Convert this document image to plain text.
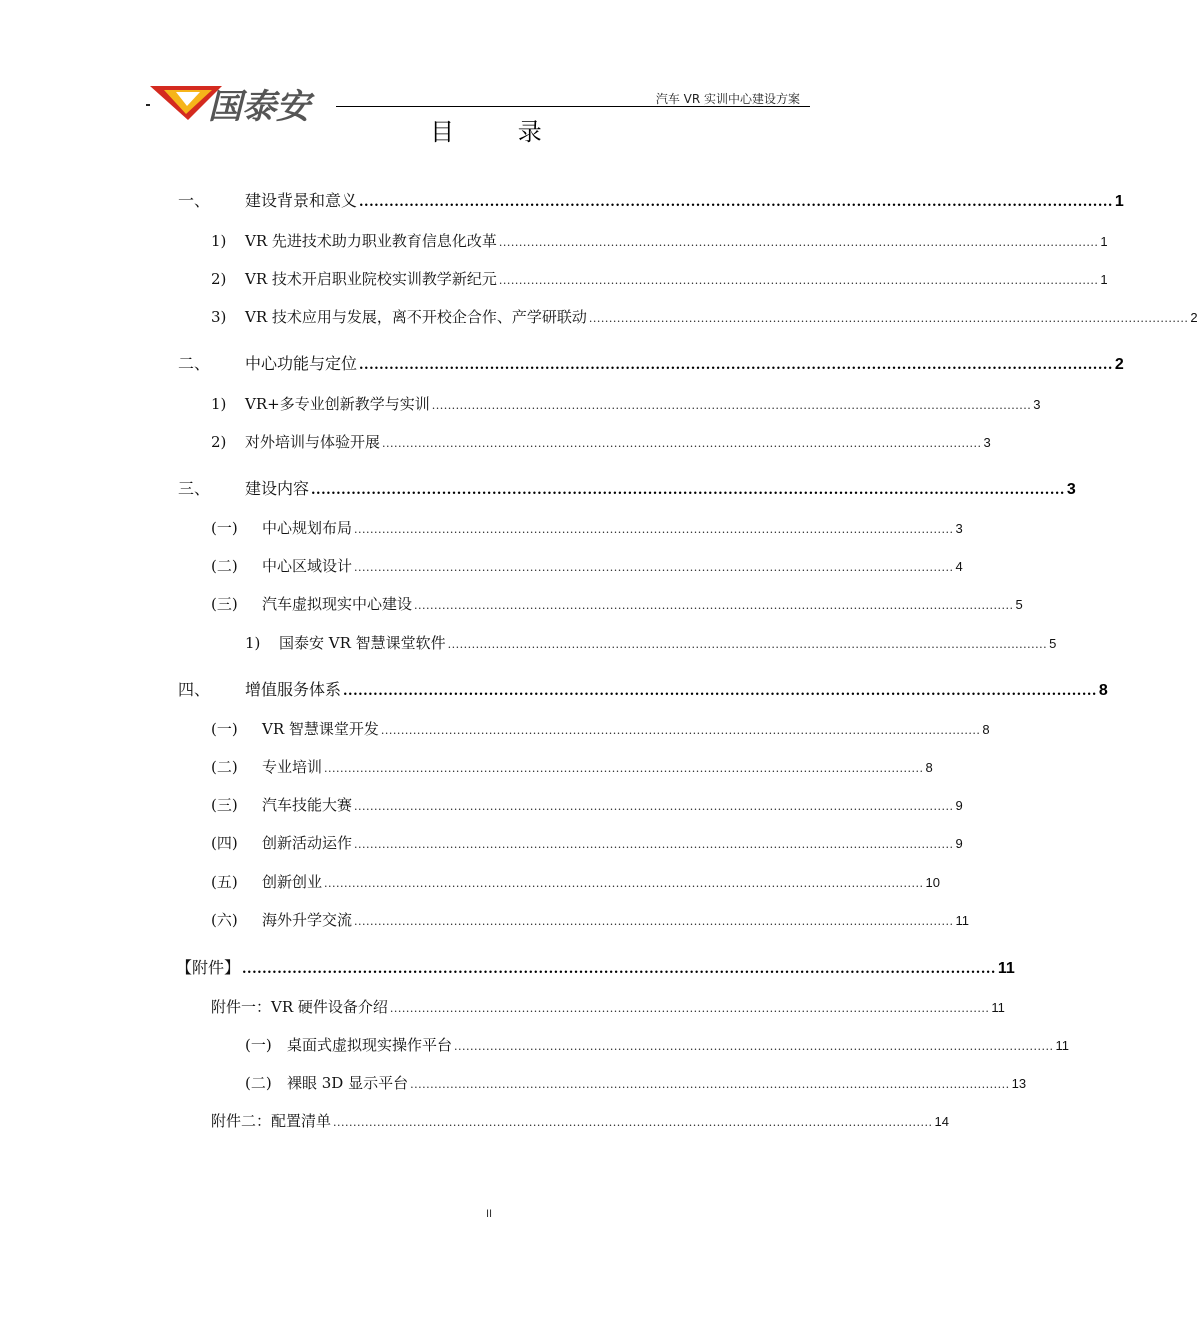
国泰安	汽车 VR 实训中心建设方案
目 录
一、	建设背景和意义 ...................................................................................................................................................... 1
1)	VR 先进技术助力职业教育信息化改革 ...................................................................................................................................................... 1
2)	VR 技术开启职业院校实训教学新纪元 ...................................................................................................................................................... 1
3)	VR 技术应用与发展，离不开校企合作、产学研联动 ...................................................................................................................................................... 2
二、	中心功能与定位 ...................................................................................................................................................... 2
1)	VR+多专业创新教学与实训 ...................................................................................................................................................... 3
2)	对外培训与体验开展 ...................................................................................................................................................... 3
三、	建设内容 ...................................................................................................................................................... 3
(一)	中心规划布局 ...................................................................................................................................................... 3
(二)	中心区域设计 ...................................................................................................................................................... 4
(三)	汽车虚拟现实中心建设 ...................................................................................................................................................... 5
1)	国泰安 VR 智慧课堂软件 ...................................................................................................................................................... 5
四、	增值服务体系 ...................................................................................................................................................... 8
(一)	VR 智慧课堂开发 ...................................................................................................................................................... 8
(二)	专业培训 ...................................................................................................................................................... 8
(三)	汽车技能大赛 ...................................................................................................................................................... 9
(四)	创新活动运作 ...................................................................................................................................................... 9
(五)	创新创业 ...................................................................................................................................................... 10
(六)	海外升学交流 ...................................................................................................................................................... 11
【附件】 ...................................................................................................................................................... 11
附件一：VR 硬件设备介绍 ...................................................................................................................................................... 11
(一)	桌面式虚拟现实操作平台 ...................................................................................................................................................... 11
(二)	裸眼 3D 显示平台 ...................................................................................................................................................... 13
附件二：配置清单 ...................................................................................................................................................... 14
II
